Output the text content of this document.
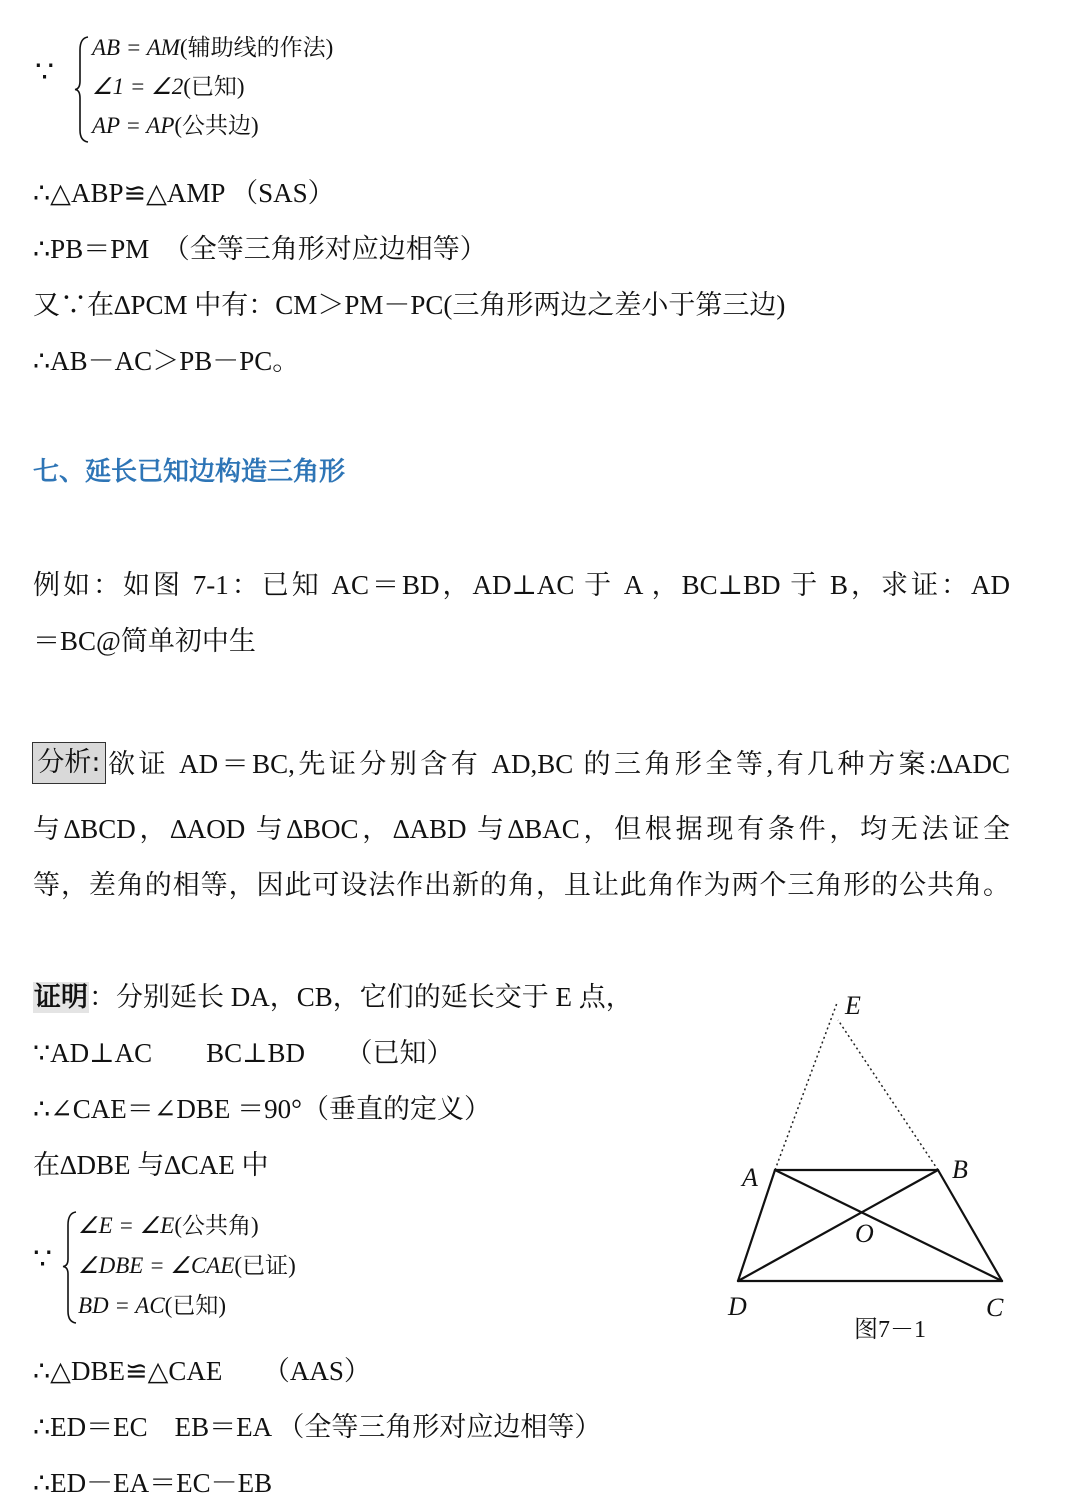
∵
AB = AM(辅助线的作法)
∠1 = ∠2(已知)
AP = AP(公共边)
∴△ABP≌△AMP （SAS）
∴PB＝PM　（全等三角形对应边相等）
又∵在∆PCM 中有：CM＞PM－PC(三角形两边之差小于第三边)
∴AB－AC＞PB－PC。
七、延长已知边构造三角形
例如：如图 7-1：已知 AC＝BD，AD⊥AC 于 A ，BC⊥BD 于 B，求证：AD
＝BC@简单初中生
分析: 欲证 AD＝BC,先证分别含有 AD,BC 的三角形全等,有几种方案:∆ADC
与∆BCD，∆AOD 与∆BOC，∆ABD 与∆BAC，但根据现有条件，均无法证全
等，差角的相等，因此可设法作出新的角，且让此角作为两个三角形的公共角。
证明：分别延长 DA，CB，它们的延长交于 E 点，
∵AD⊥AC　　BC⊥BD　　（已知）
∴∠CAE＝∠DBE ＝90°（垂直的定义）
在∆DBE 与∆CAE 中
∵
∠E = ∠E(公共角)
∠DBE = ∠CAE(已证)
BD = AC(已知)
∴△DBE≌△CAE　　（AAS）
∴ED＝EC　EB＝EA （全等三角形对应边相等）
∴ED－EA＝EC－EB
E
A	B
O
D	C
图7－1
